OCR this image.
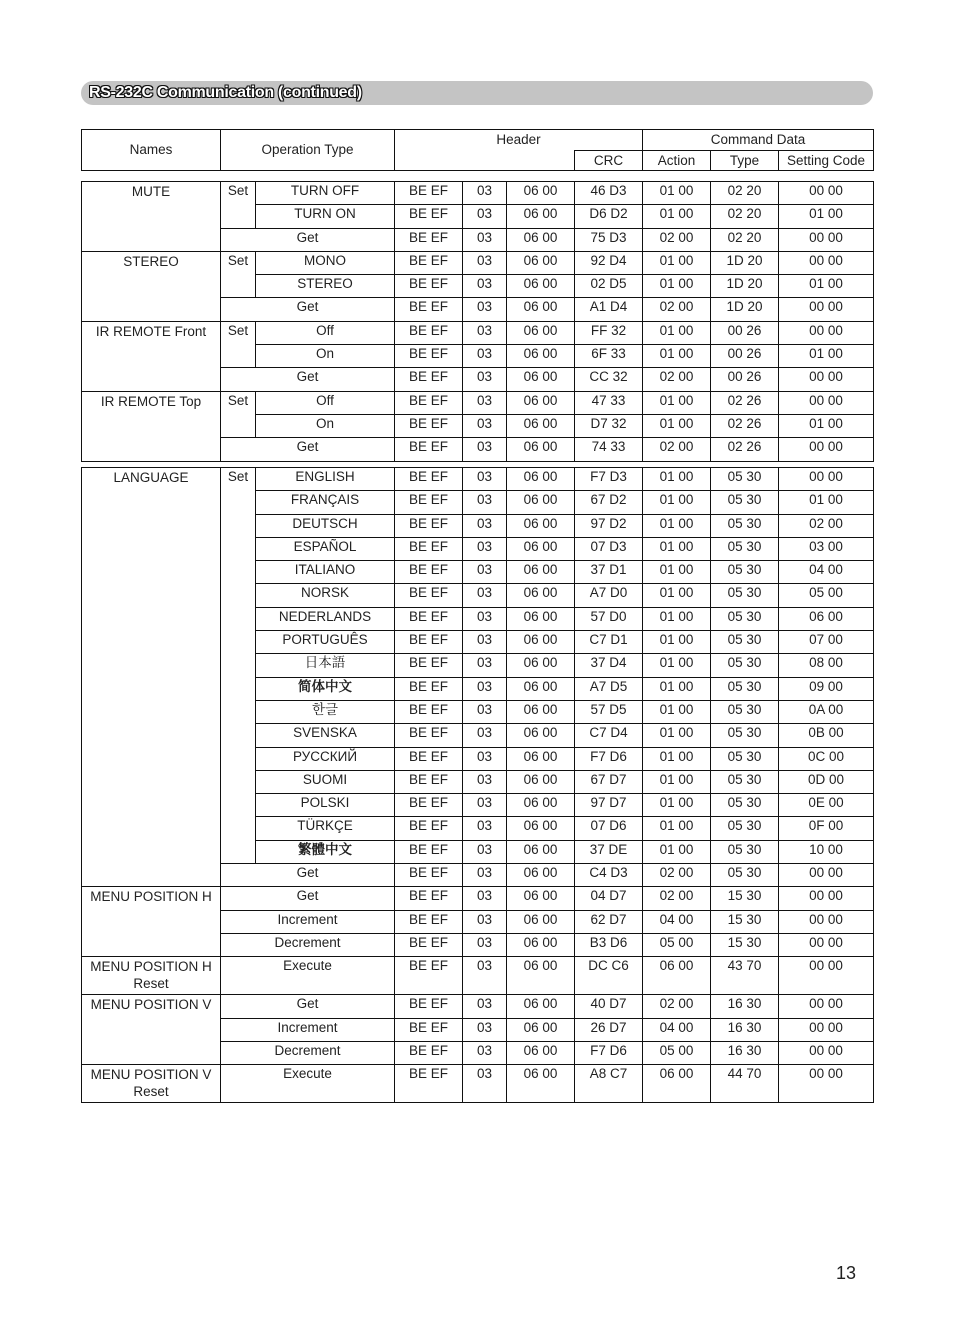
RS-232C Communication (continued)
Names	Operation Type	Header		Command Data		
			CRC	Action	Type	Setting Code
MUTE	Set	TURN OFF	BE EF	03	06 00	46 D3	01 00	02 20	00 00
		TURN ON	BE EF	03	06 00	D6 D2	01 00	02 20	01 00
	Get		BE EF	03	06 00	75 D3	02 00	02 20	00 00
STEREO	Set	MONO	BE EF	03	06 00	92 D4	01 00	1D 20	00 00
		STEREO	BE EF	03	06 00	02 D5	01 00	1D 20	01 00
	Get		BE EF	03	06 00	A1 D4	02 00	1D 20	00 00
IR REMOTE Front	Set	Off	BE EF	03	06 00	FF 32	01 00	00 26	00 00
		On	BE EF	03	06 00	6F 33	01 00	00 26	01 00
	Get		BE EF	03	06 00	CC 32	02 00	00 26	00 00
IR REMOTE Top	Set	Off	BE EF	03	06 00	47 33	01 00	02 26	00 00
		On	BE EF	03	06 00	D7 32	01 00	02 26	01 00
	Get		BE EF	03	06 00	74 33	02 00	02 26	00 00
LANGUAGE	Set	ENGLISH	BE EF	03	06 00	F7 D3	01 00	05 30	00 00
		FRANÇAIS	BE EF	03	06 00	67 D2	01 00	05 30	01 00
		DEUTSCH	BE EF	03	06 00	97 D2	01 00	05 30	02 00
		ESPAÑOL	BE EF	03	06 00	07 D3	01 00	05 30	03 00
		ITALIANO	BE EF	03	06 00	37 D1	01 00	05 30	04 00
		NORSK	BE EF	03	06 00	A7 D0	01 00	05 30	05 00
		NEDERLANDS	BE EF	03	06 00	57 D0	01 00	05 30	06 00
		PORTUGUÊS	BE EF	03	06 00	C7 D1	01 00	05 30	07 00
		日本語	BE EF	03	06 00	37 D4	01 00	05 30	08 00
		简体中文	BE EF	03	06 00	A7 D5	01 00	05 30	09 00
		한글	BE EF	03	06 00	57 D5	01 00	05 30	0A 00
		SVENSKA	BE EF	03	06 00	C7 D4	01 00	05 30	0B 00
		РУССКИЙ	BE EF	03	06 00	F7 D6	01 00	05 30	0C 00
		SUOMI	BE EF	03	06 00	67 D7	01 00	05 30	0D 00
		POLSKI	BE EF	03	06 00	97 D7	01 00	05 30	0E 00
		TÜRKÇE	BE EF	03	06 00	07 D6	01 00	05 30	0F 00
		繁體中文	BE EF	03	06 00	37 DE	01 00	05 30	10 00
	Get		BE EF	03	06 00	C4 D3	02 00	05 30	00 00
MENU POSITION H	Get		BE EF	03	06 00	04 D7	02 00	15 30	00 00
	Increment		BE EF	03	06 00	62 D7	04 00	15 30	00 00
	Decrement		BE EF	03	06 00	B3 D6	05 00	15 30	00 00
MENU POSITION H Reset	Execute		BE EF	03	06 00	DC C6	06 00	43 70	00 00
MENU POSITION V	Get		BE EF	03	06 00	40 D7	02 00	16 30	00 00
	Increment		BE EF	03	06 00	26 D7	04 00	16 30	00 00
	Decrement		BE EF	03	06 00	F7 D6	05 00	16 30	00 00
MENU POSITION V Reset	Execute		BE EF	03	06 00	A8 C7	06 00	44 70	00 00
13
